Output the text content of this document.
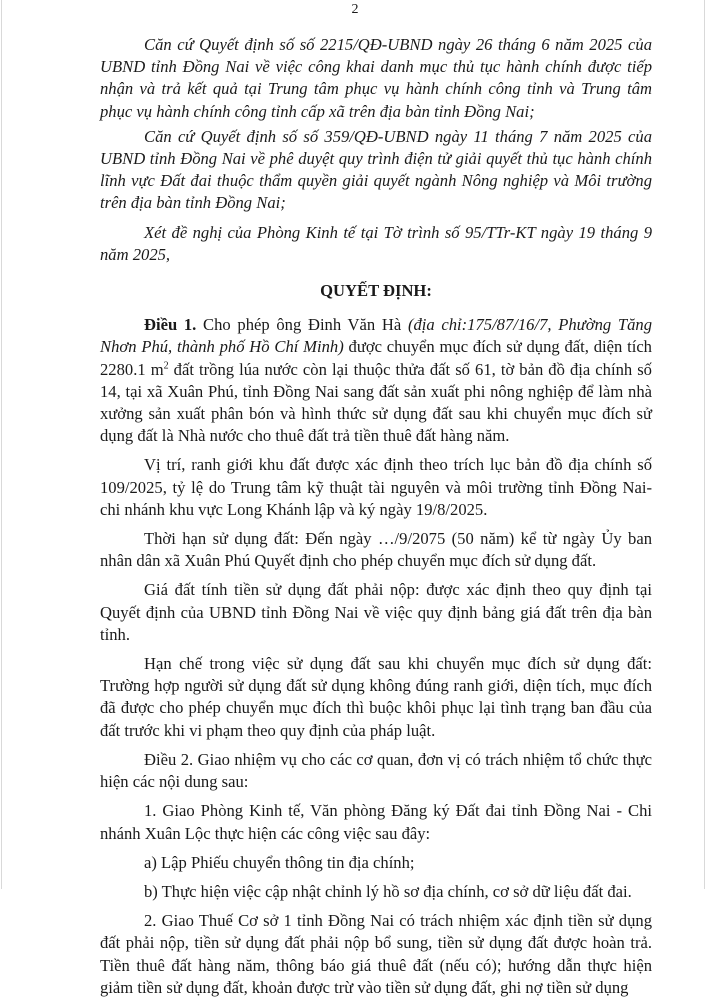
2

Căn cứ Quyết định số số 2215/QĐ-UBND ngày 26 tháng 6 năm 2025 của UBND tỉnh Đồng Nai về việc công khai danh mục thủ tục hành chính được tiếp nhận và trả kết quả tại Trung tâm phục vụ hành chính công tỉnh và Trung tâm phục vụ hành chính công tỉnh cấp xã trên địa bàn tỉnh Đồng Nai;

Căn cứ Quyết định số số 359/QĐ-UBND ngày 11 tháng 7 năm 2025 của UBND tỉnh Đồng Nai về phê duyệt quy trình điện tử giải quyết thủ tục hành chính lĩnh vực Đất đai thuộc thẩm quyền giải quyết ngành Nông nghiệp và Môi trường trên địa bàn tỉnh Đồng Nai;

Xét đề nghị của Phòng Kinh tế tại Tờ trình số 95/TTr-KT ngày 19 tháng 9 năm 2025,

QUYẾT ĐỊNH:

Điều 1. Cho phép ông Đinh Văn Hà (địa chỉ:175/87/16/7, Phường Tăng Nhơn Phú, thành phố Hồ Chí Minh) được chuyển mục đích sử dụng đất, diện tích 2280.1 $m^2$ đất trồng lúa nước còn lại thuộc thửa đất số 61, tờ bản đồ địa chính số 14, tại xã Xuân Phú, tỉnh Đồng Nai sang đất sản xuất phi nông nghiệp để làm nhà xưởng sản xuất phân bón và hình thức sử dụng đất sau khi chuyển mục đích sử dụng đất là Nhà nước cho thuê đất trả tiền thuê đất hàng năm.

Vị trí, ranh giới khu đất được xác định theo trích lục bản đồ địa chính số 109/2025, tỷ lệ do Trung tâm kỹ thuật tài nguyên và môi trường tỉnh Đồng Nai- chi nhánh khu vực Long Khánh lập và ký ngày 19/8/2025.

Thời hạn sử dụng đất: Đến ngày …/9/2075 (50 năm) kể từ ngày Ủy ban nhân dân xã Xuân Phú Quyết định cho phép chuyển mục đích sử dụng đất.

Giá đất tính tiền sử dụng đất phải nộp: được xác định theo quy định tại Quyết định của UBND tỉnh Đồng Nai về việc quy định bảng giá đất trên địa bàn tỉnh.

Hạn chế trong việc sử dụng đất sau khi chuyển mục đích sử dụng đất: Trường hợp người sử dụng đất sử dụng không đúng ranh giới, diện tích, mục đích đã được cho phép chuyển mục đích thì buộc khôi phục lại tình trạng ban đầu của đất trước khi vi phạm theo quy định của pháp luật.

Điều 2. Giao nhiệm vụ cho các cơ quan, đơn vị có trách nhiệm tổ chức thực hiện các nội dung sau:

1. Giao Phòng Kinh tế, Văn phòng Đăng ký Đất đai tỉnh Đồng Nai - Chi nhánh Xuân Lộc thực hiện các công việc sau đây:

a) Lập Phiếu chuyển thông tin địa chính;

b) Thực hiện việc cập nhật chỉnh lý hồ sơ địa chính, cơ sở dữ liệu đất đai.

2. Giao Thuế Cơ sở 1 tỉnh Đồng Nai có trách nhiệm xác định tiền sử dụng đất phải nộp, tiền sử dụng đất phải nộp bổ sung, tiền sử dụng đất được hoàn trả. Tiền thuê đất hàng năm, thông báo giá thuê đất (nếu có); hướng dẫn thực hiện giảm tiền sử dụng đất, khoản được trừ vào tiền sử dụng đất, ghi nợ tiền sử dụng
